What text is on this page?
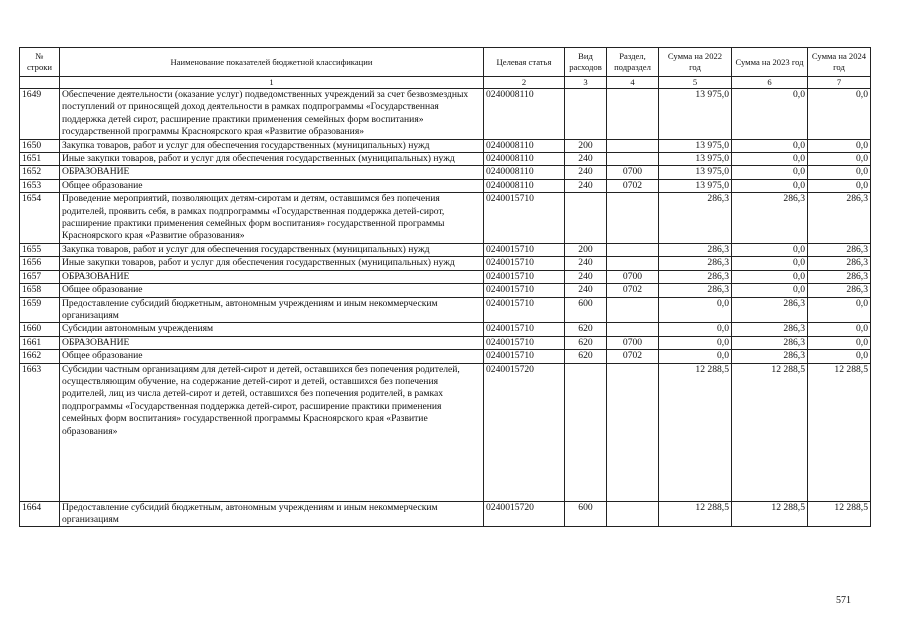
№ строки	Наименование показателей бюджетной классификации	Целевая статья	Вид расходов	Раздел, подраздел	Сумма на 2022 год	Сумма на 2023 год	Сумма на 2024 год
	1	2	3	4	5	6	7
1649	Обеспечение деятельности (оказание услуг) подведомственных учреждений за счет безвозмездных поступлений от приносящей доход деятельности в рамках подпрограммы «Государственная поддержка детей сирот, расширение практики применения семейных форм воспитания» государственной программы Красноярского края «Развитие образования»	0240008110			13 975,0	0,0	0,0
1650	Закупка товаров, работ и услуг для обеспечения государственных (муниципальных) нужд	0240008110	200		13 975,0	0,0	0,0
1651	Иные закупки товаров, работ и услуг для обеспечения государственных (муниципальных) нужд	0240008110	240		13 975,0	0,0	0,0
1652	ОБРАЗОВАНИЕ	0240008110	240	0700	13 975,0	0,0	0,0
1653	Общее образование	0240008110	240	0702	13 975,0	0,0	0,0
1654	Проведение мероприятий, позволяющих детям-сиротам и детям, оставшимся без попечения родителей, проявить себя, в рамках подпрограммы «Государственная поддержка детей-сирот, расширение практики применения семейных форм воспитания» государственной программы Красноярского края «Развитие образования»	0240015710			286,3	286,3	286,3
1655	Закупка товаров, работ и услуг для обеспечения государственных (муниципальных) нужд	0240015710	200		286,3	0,0	286,3
1656	Иные закупки товаров, работ и услуг для обеспечения государственных (муниципальных) нужд	0240015710	240		286,3	0,0	286,3
1657	ОБРАЗОВАНИЕ	0240015710	240	0700	286,3	0,0	286,3
1658	Общее образование	0240015710	240	0702	286,3	0,0	286,3
1659	Предоставление субсидий бюджетным, автономным учреждениям и иным некоммерческим организациям	0240015710	600		0,0	286,3	0,0
1660	Субсидии автономным учреждениям	0240015710	620		0,0	286,3	0,0
1661	ОБРАЗОВАНИЕ	0240015710	620	0700	0,0	286,3	0,0
1662	Общее образование	0240015710	620	0702	0,0	286,3	0,0
1663	Субсидии частным организациям для детей-сирот и детей, оставшихся без попечения родителей, осуществляющим обучение, на содержание детей-сирот и детей, оставшихся без попечения родителей, лиц из числа детей-сирот и детей, оставшихся без попечения родителей, в рамках подпрограммы «Государственная поддержка детей-сирот, расширение практики применения семейных форм воспитания» государственной программы Красноярского края «Развитие образования»	0240015720			12 288,5	12 288,5	12 288,5
1664	Предоставление субсидий бюджетным, автономным учреждениям и иным некоммерческим организациям	0240015720	600		12 288,5	12 288,5	12 288,5
571
